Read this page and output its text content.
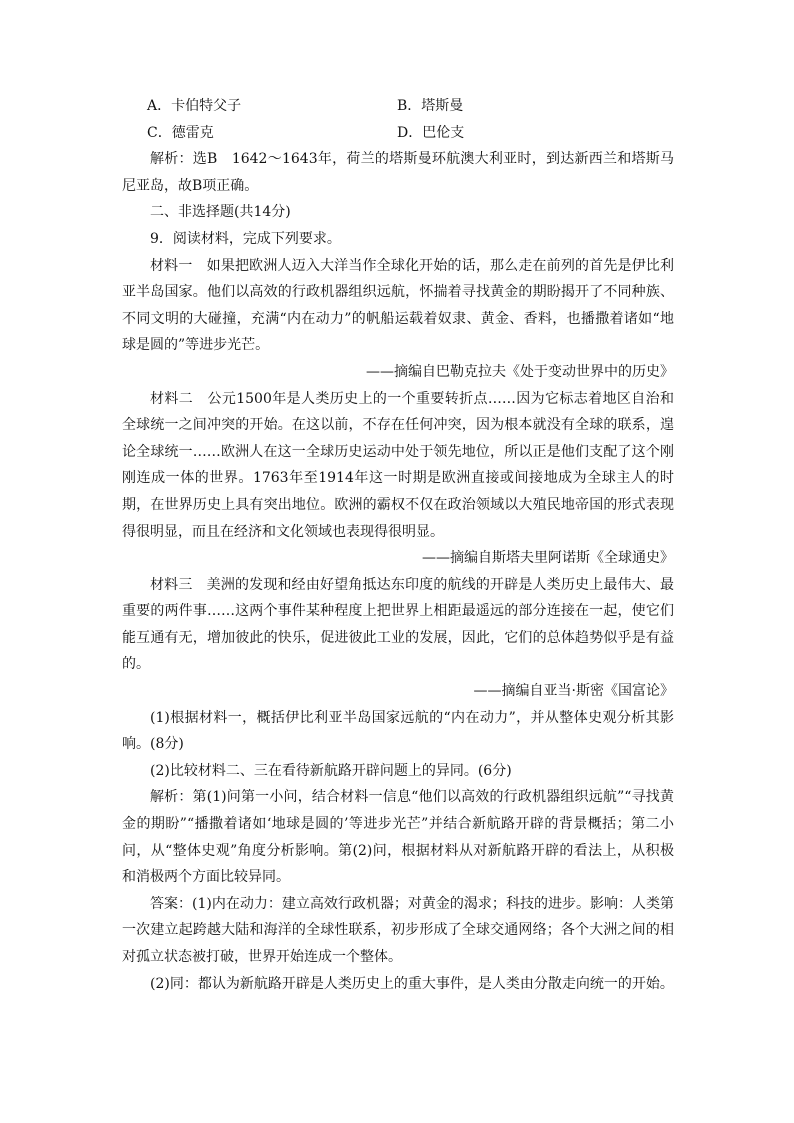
A．卡伯特父子	B．塔斯曼
C．德雷克	D．巴伦支

解析：选B　1642～1643年，荷兰的塔斯曼环航澳大利亚时，到达新西兰和塔斯马尼亚岛，故B项正确。

二、非选择题(共14分)

9．阅读材料，完成下列要求。

材料一　如果把欧洲人迈入大洋当作全球化开始的话，那么走在前列的首先是伊比利亚半岛国家。他们以高效的行政机器组织远航，怀揣着寻找黄金的期盼揭开了不同种族、不同文明的大碰撞，充满“内在动力”的帆船运载着奴隶、黄金、香料，也播撒着诸如“地球是圆的”等进步光芒。

——摘编自巴勒克拉夫《处于变动世界中的历史》

材料二　公元1500年是人类历史上的一个重要转折点……因为它标志着地区自治和全球统一之间冲突的开始。在这以前，不存在任何冲突，因为根本就没有全球的联系，遑论全球统一……欧洲人在这一全球历史运动中处于领先地位，所以正是他们支配了这个刚刚连成一体的世界。1763年至1914年这一时期是欧洲直接或间接地成为全球主人的时期，在世界历史上具有突出地位。欧洲的霸权不仅在政治领域以大殖民地帝国的形式表现得很明显，而且在经济和文化领域也表现得很明显。

——摘编自斯塔夫里阿诺斯《全球通史》

材料三　美洲的发现和经由好望角抵达东印度的航线的开辟是人类历史上最伟大、最重要的两件事……这两个事件某种程度上把世界上相距最遥远的部分连接在一起，使它们能互通有无，增加彼此的快乐，促进彼此工业的发展，因此，它们的总体趋势似乎是有益的。

——摘编自亚当·斯密《国富论》

(1)根据材料一，概括伊比利亚半岛国家远航的“内在动力”，并从整体史观分析其影响。(8分)

(2)比较材料二、三在看待新航路开辟问题上的异同。(6分)

解析：第(1)问第一小问，结合材料一信息“他们以高效的行政机器组织远航”“寻找黄金的期盼”“播撒着诸如‘地球是圆的’等进步光芒”并结合新航路开辟的背景概括；第二小问，从“整体史观”角度分析影响。第(2)问，根据材料从对新航路开辟的看法上，从积极和消极两个方面比较异同。

答案：(1)内在动力：建立高效行政机器；对黄金的渴求；科技的进步。影响：人类第一次建立起跨越大陆和海洋的全球性联系，初步形成了全球交通网络；各个大洲之间的相对孤立状态被打破，世界开始连成一个整体。

(2)同：都认为新航路开辟是人类历史上的重大事件，是人类由分散走向统一的开始。
